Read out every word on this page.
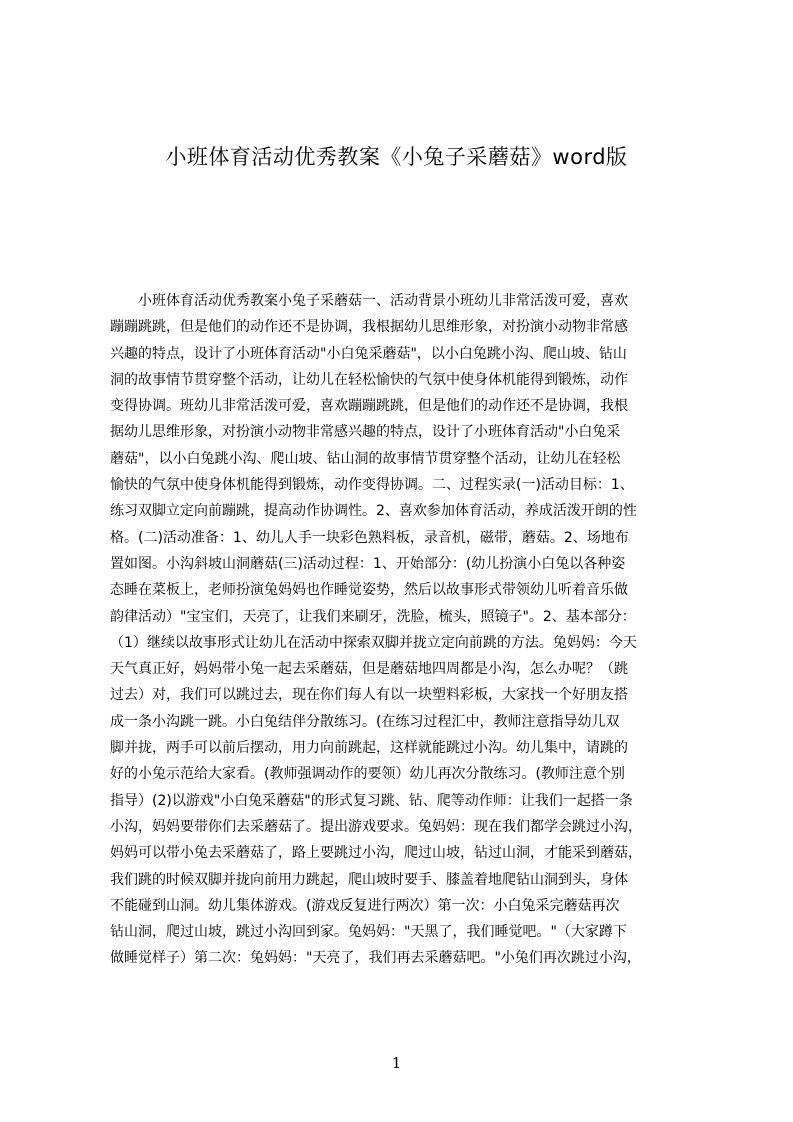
小班体育活动优秀教案《小兔子采蘑菇》word版
　　小班体育活动优秀教案小兔子采蘑菇一、活动背景小班幼儿非常活泼可爱，喜欢
蹦蹦跳跳，但是他们的动作还不是协调，我根据幼儿思维形象，对扮演小动物非常感
兴趣的特点，设计了小班体育活动"小白兔采蘑菇"，以小白兔跳小沟、爬山坡、钻山
洞的故事情节贯穿整个活动，让幼儿在轻松愉快的气氛中使身体机能得到锻炼，动作
变得协调。班幼儿非常活泼可爱，喜欢蹦蹦跳跳，但是他们的动作还不是协调，我根
据幼儿思维形象，对扮演小动物非常感兴趣的特点，设计了小班体育活动"小白兔采
蘑菇"，以小白兔跳小沟、爬山坡、钻山洞的故事情节贯穿整个活动，让幼儿在轻松
愉快的气氛中使身体机能得到锻炼，动作变得协调。二、过程实录(一)活动目标：1、
练习双脚立定向前蹦跳，提高动作协调性。2、喜欢参加体育活动，养成活泼开朗的性
格。(二)活动准备：1、幼儿人手一块彩色熟料板，录音机，磁带，蘑菇。2、场地布
置如图。小沟斜坡山洞蘑菇(三)活动过程：1、开始部分：(幼儿扮演小白兔以各种姿
态睡在菜板上，老师扮演兔妈妈也作睡觉姿势，然后以故事形式带领幼儿听着音乐做
韵律活动）"宝宝们，天亮了，让我们来刷牙，洗脸，梳头，照镜子"。2、基本部分：
（1）继续以故事形式让幼儿在活动中探索双脚并拢立定向前跳的方法。兔妈妈：今天
天气真正好，妈妈带小兔一起去采蘑菇，但是蘑菇地四周都是小沟，怎么办呢？（跳
过去）对，我们可以跳过去，现在你们每人有以一块塑料彩板，大家找一个好朋友搭
成一条小沟跳一跳。小白兔结伴分散练习。(在练习过程汇中，教师注意指导幼儿双
脚并拢，两手可以前后摆动，用力向前跳起，这样就能跳过小沟。幼儿集中，请跳的
好的小兔示范给大家看。(教师强调动作的要领）幼儿再次分散练习。(教师注意个别
指导）(2)以游戏"小白兔采蘑菇"的形式复习跳、钻、爬等动作师：让我们一起搭一条
小沟，妈妈要带你们去采蘑菇了。提出游戏要求。兔妈妈：现在我们都学会跳过小沟，
妈妈可以带小兔去采蘑菇了，路上要跳过小沟，爬过山坡，钻过山洞，才能采到蘑菇，
我们跳的时候双脚并拢向前用力跳起，爬山坡时要手、膝盖着地爬钻山洞到头，身体
不能碰到山洞。幼儿集体游戏。(游戏反复进行两次）第一次：小白兔采完蘑菇再次
钻山洞，爬过山坡，跳过小沟回到家。兔妈妈："天黑了，我们睡觉吧。"（大家蹲下
做睡觉样子）第二次：兔妈妈："天亮了，我们再去采蘑菇吧。"小兔们再次跳过小沟，
1
